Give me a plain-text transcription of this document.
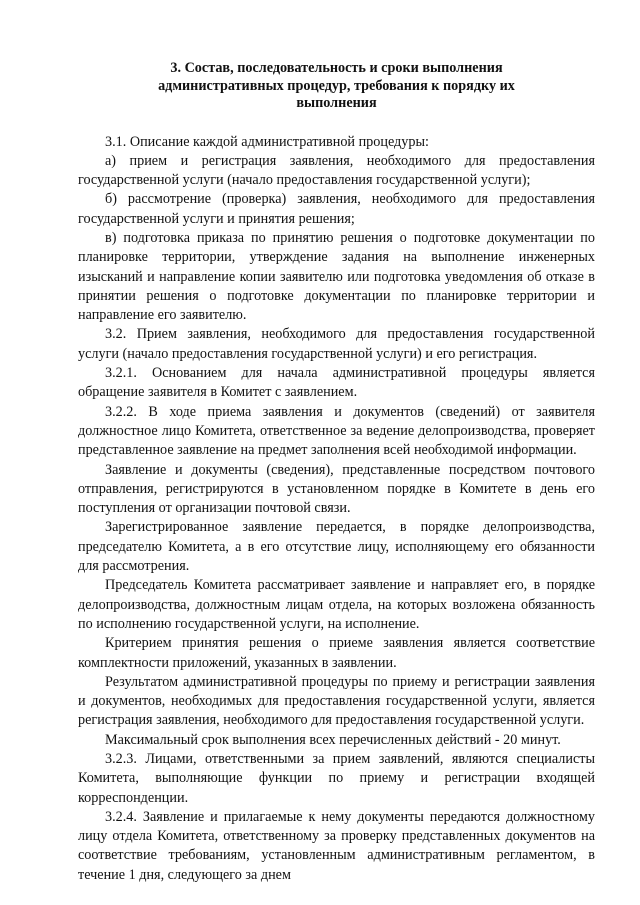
3. Состав, последовательность и сроки выполнения
административных процедур, требования к порядку их
выполнения

3.1. Описание каждой административной процедуры:

а) прием и регистрация заявления, необходимого для предоставления государственной услуги (начало предоставления государственной услуги);

б) рассмотрение (проверка) заявления, необходимого для предоставления государственной услуги и принятия решения;

в) подготовка приказа по принятию решения о подготовке документации по планировке территории, утверждение задания на выполнение инженерных изысканий и направление копии заявителю или подготовка уведомления об отказе в принятии решения о подготовке документации по планировке территории и направление его заявителю.

3.2. Прием заявления, необходимого для предоставления государственной услуги (начало предоставления государственной услуги) и его регистрация.

3.2.1. Основанием для начала административной процедуры является обращение заявителя в Комитет с заявлением.

3.2.2. В ходе приема заявления и документов (сведений) от заявителя должностное лицо Комитета, ответственное за ведение делопроизводства, проверяет представленное заявление на предмет заполнения всей необходимой информации.

Заявление и документы (сведения), представленные посредством почтового отправления, регистрируются в установленном порядке в Комитете в день его поступления от организации почтовой связи.

Зарегистрированное заявление передается, в порядке делопроизводства, председателю Комитета, а в его отсутствие лицу, исполняющему его обязанности для рассмотрения.

Председатель Комитета рассматривает заявление и направляет его, в порядке делопроизводства, должностным лицам отдела, на которых возложена обязанность по исполнению государственной услуги, на исполнение.

Критерием принятия решения о приеме заявления является соответствие комплектности приложений, указанных в заявлении.

Результатом административной процедуры по приему и регистрации заявления и документов, необходимых для предоставления государственной услуги, является регистрация заявления, необходимого для предоставления государственной услуги.

Максимальный срок выполнения всех перечисленных действий - 20 минут.

3.2.3. Лицами, ответственными за прием заявлений, являются специалисты Комитета, выполняющие функции по приему и регистрации входящей корреспонденции.

3.2.4. Заявление и прилагаемые к нему документы передаются должностному лицу отдела Комитета, ответственному за проверку представленных документов на соответствие требованиям, установленным административным регламентом, в течение 1 дня, следующего за днем
